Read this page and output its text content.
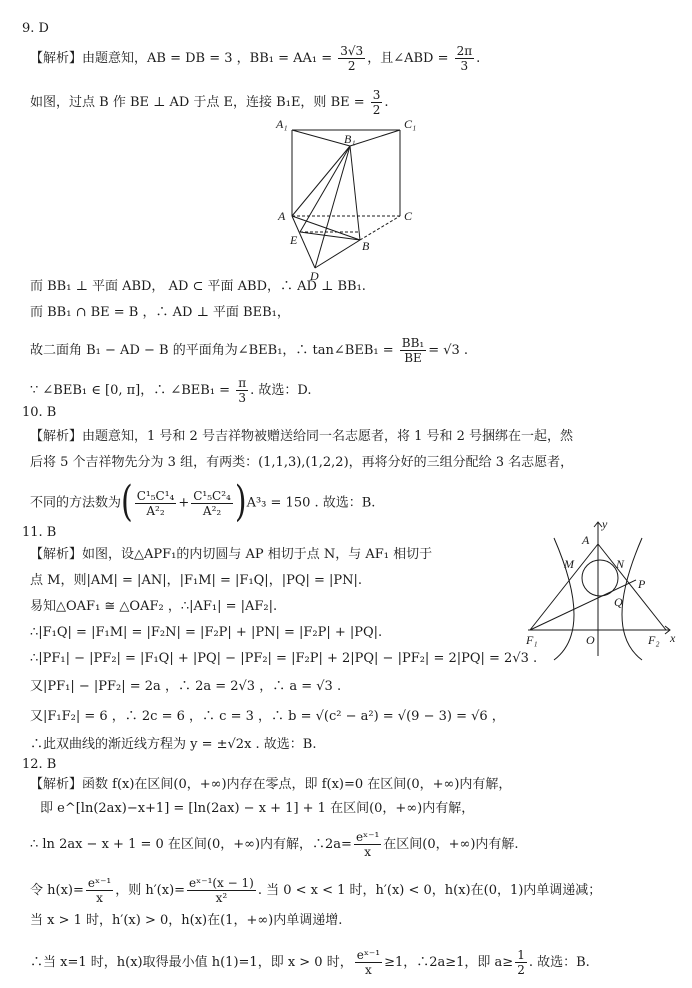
9. D
【解析】由题意知，AB = DB = 3 ，$BB_1 = AA_1 = \frac{3√3}{2}$ ，且∠ABD = $\frac{2\pi}{3}$ .
如图，过点 B 作 BE ⊥ AD 于点 E，连接 B₁E，则 BE = $\frac{3}{2}$ .
A₁
B₁
C₁
A	C
E	B
D
而 BB₁ ⊥ 平面 ABD， AD ⊂ 平面 ABD，∴ AD ⊥ BB₁.
而 BB₁ ∩ BE = B ，∴ AD ⊥ 平面 BEB₁，
故二面角 B₁ − AD − B 的平面角为∠BEB₁，∴ tan∠BEB₁ = $\frac{\text{BB₁}}{BE} = √3$ .
∵ ∠BEB₁ ∈ [0, π]，∴ ∠BEB₁ = $\frac{\pi}{3}$ . 故选：D.
10. B
【解析】由题意知，1 号和 2 号吉祥物被赠送给同一名志愿者，将 1 号和 2 号捆绑在一起，然
后将 5 个吉祥物先分为 3 组，有两类：(1,1,3),(1,2,2)，再将分好的三组分配给 3 名志愿者，
不同的方法数为( $\frac{\text{C¹₅C¹₄}}{\text{A²₂}} + \frac{\text{C¹₅C²₄}}{\text{A²₂}} )A^3_3 = 150$ . 故选：B.
11. B
【解析】如图，设△APF₁的内切圆与 AP 相切于点 N，与 AF₁ 相切于
点 M，则|AM| = |AN|，|F₁M| = |F₁Q|，|PQ| = |PN|.
易知△OAF₁ ≅ △OAF₂ ，∴|AF₁| = |AF₂|.
∴|F₁Q| = |F₁M| = |F₂N| = |F₂P| + |PN| = |F₂P| + |PQ|.
∴|PF₁| − |PF₂| = |F₁Q| + |PQ| − |PF₂| = |F₂P| + 2|PQ| − |PF₂| = 2|PQ| = 2√3 .
又|PF₁| − |PF₂| = 2a ，∴ 2a = 2√3 ，∴ a = √3 .
又|F₁F₂| = 6 ，∴ 2c = 6 ，∴ c = 3 ，∴ b = √(c² − a²) = √(9 − 3) = √6 ，
∴此双曲线的渐近线方程为 y = ±√2x . 故选：B.
y
A
M	N
P
Q
F₁	O	F₂ x
12. B
【解析】函数 f(x)在区间(0，+∞)内存在零点，即 f(x)=0 在区间(0，+∞)内有解，
即 e^[ln(2ax)−x+1] = [ln(2ax) − x + 1] + 1 在区间(0，+∞)内有解，
∴ ln 2ax − x + 1 = 0 在区间(0，+∞)内有解，∴2a= $\frac{\text{eˣ⁻¹}}{x}$ 在区间(0，+∞)内有解.
令 $h(x)= \frac{\text{eˣ⁻¹}}{x}$ ，则 $h'(x)= \frac{\text{eˣ⁻¹(x − 1)}}{\text{x²}}$ . 当 0 < x < 1 时，h′(x) < 0，h(x)在(0，1)内单调递减；
当 x > 1 时，h′(x) > 0，h(x)在(1，+∞)内单调递增.
∴当 x=1 时，h(x)取得最小值 h(1)=1，即 x > 0 时， $\frac{\text{eˣ⁻¹}}{x} \ge 1$，∴2a≥1，即 $a\ge \frac{1}{2}$ . 故选：B.
